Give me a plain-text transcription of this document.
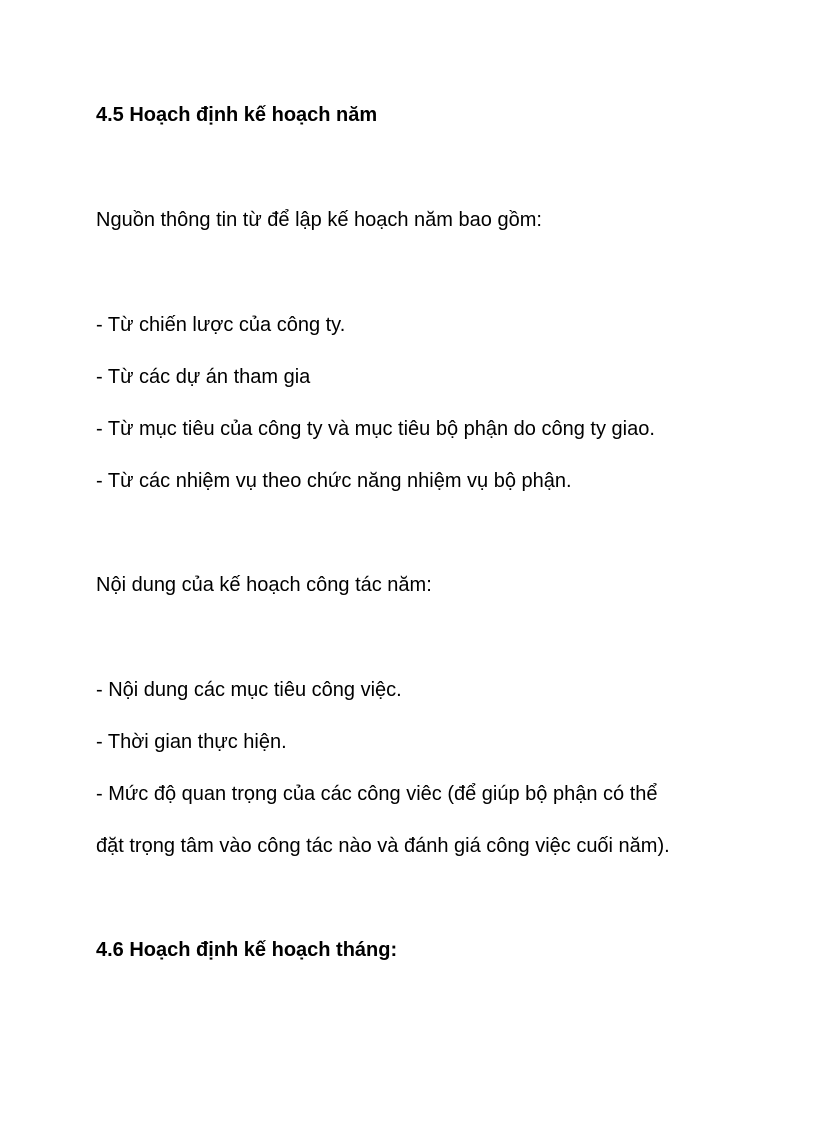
4.5 Hoạch định kế hoạch năm
Nguồn thông tin từ để lập kế hoạch năm bao gồm:
- Từ chiến lược của công ty.
- Từ các dự án tham gia
- Từ mục tiêu của công ty và mục tiêu bộ phận do công ty giao.
- Từ các nhiệm vụ theo chức năng nhiệm vụ bộ phận.
Nội dung của kế hoạch công tác năm:
- Nội dung các mục tiêu công việc.
- Thời gian thực hiện.
- Mức độ quan trọng của các công viêc (để giúp bộ phận có thể
đặt trọng tâm vào công tác nào và đánh giá công việc cuối năm).
4.6 Hoạch định kế hoạch tháng:
